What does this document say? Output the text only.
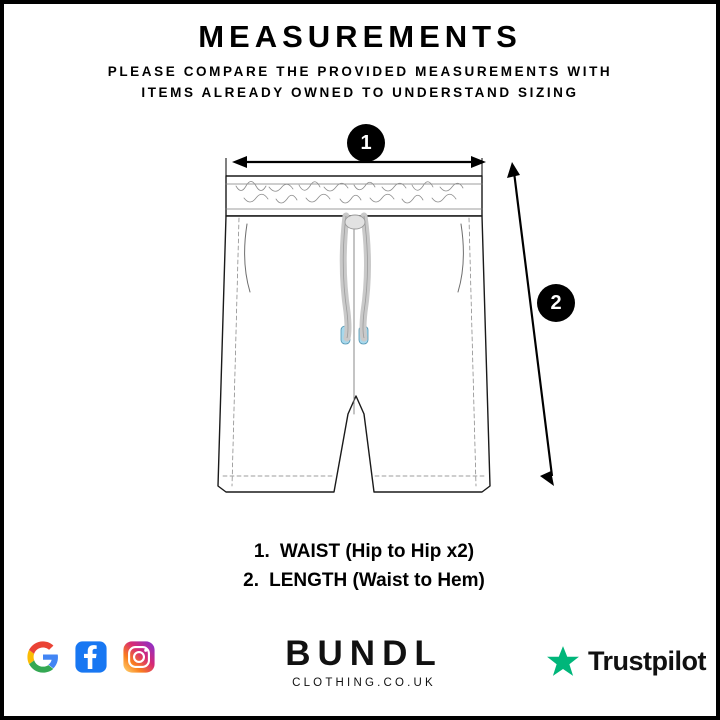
MEASUREMENTS
PLEASE COMPARE THE PROVIDED MEASUREMENTS WITH
ITEMS ALREADY OWNED TO UNDERSTAND SIZING
1
2
1. WAIST (Hip to Hip x2)
2. LENGTH (Waist to Hem)
BUNDL
CLOTHING.CO.UK
Trustpilot
